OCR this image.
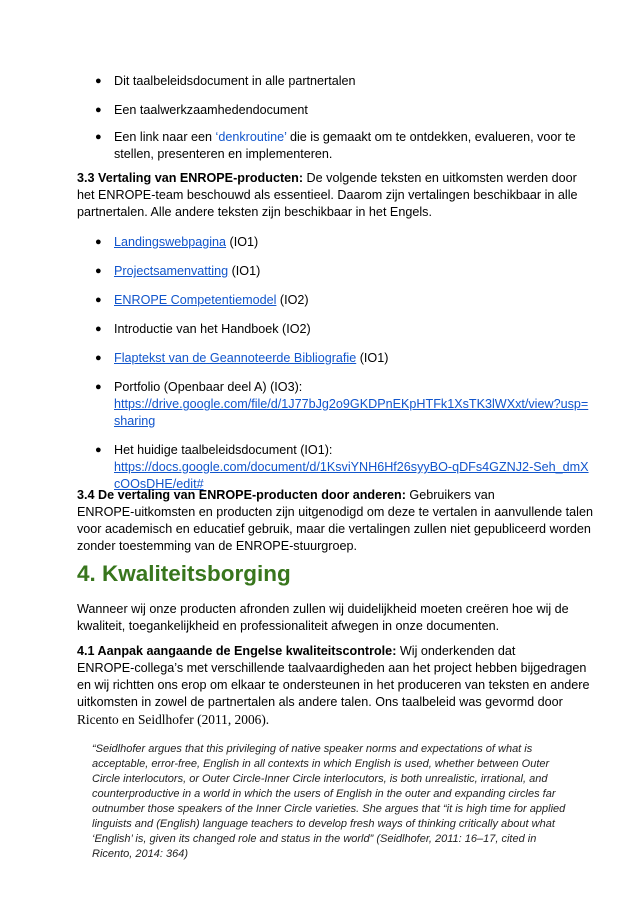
● Dit taalbeleidsdocument in alle partnertalen
● Een taalwerkzaamhedendocument
● Een link naar een ‘denkroutine’ die is gemaakt om te ontdekken, evalueren, voor te
stellen, presenteren en implementeren.
3.3 Vertaling van ENROPE-producten: De volgende teksten en uitkomsten werden door
het ENROPE-team beschouwd als essentieel. Daarom zijn vertalingen beschikbaar in alle
partnertalen. Alle andere teksten zijn beschikbaar in het Engels.
● Landingswebpagina (IO1)
● Projectsamenvatting (IO1)
● ENROPE Competentiemodel (IO2)
● Introductie van het Handboek (IO2)
● Flaptekst van de Geannoteerde Bibliografie (IO1)
● Portfolio (Openbaar deel A) (IO3):
https://drive.google.com/file/d/1J77bJg2o9GKDPnEKpHTFk1XsTK3lWXxt/view?usp=
sharing
● Het huidige taalbeleidsdocument (IO1):
https://docs.google.com/document/d/1KsviYNH6Hf26syyBO-qDFs4GZNJ2-Seh_dmX
cOOsDHE/edit#
3.4 De vertaling van ENROPE-producten door anderen: Gebruikers van
ENROPE-uitkomsten en producten zijn uitgenodigd om deze te vertalen in aanvullende talen
voor academisch en educatief gebruik, maar die vertalingen zullen niet gepubliceerd worden
zonder toestemming van de ENROPE-stuurgroep.
4. Kwaliteitsborging
Wanneer wij onze producten afronden zullen wij duidelijkheid moeten creëren hoe wij de
kwaliteit, toegankelijkheid en professionaliteit afwegen in onze documenten.
4.1 Aanpak aangaande de Engelse kwaliteitscontrole: Wij onderkenden dat
ENROPE-collega’s met verschillende taalvaardigheden aan het project hebben bijgedragen
en wij richtten ons erop om elkaar te ondersteunen in het produceren van teksten en andere
uitkomsten in zowel de partnertalen als andere talen. Ons taalbeleid was gevormd door
Ricento en Seidlhofer (2011, 2006).
“Seidlhofer argues that this privileging of native speaker norms and expectations of what is
acceptable, error-free, English in all contexts in which English is used, whether between Outer
Circle interlocutors, or Outer Circle-Inner Circle interlocutors, is both unrealistic, irrational, and
counterproductive in a world in which the users of English in the outer and expanding circles far
outnumber those speakers of the Inner Circle varieties. She argues that “it is high time for applied
linguists and (English) language teachers to develop fresh ways of thinking critically about what
‘English’ is, given its changed role and status in the world” (Seidlhofer, 2011: 16–17, cited in
Ricento, 2014: 364)
